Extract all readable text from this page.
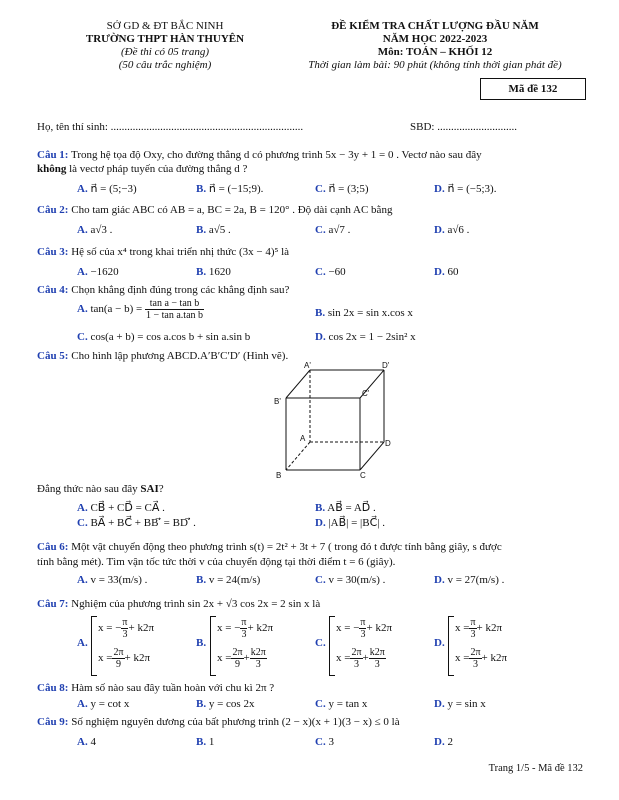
SỞ GD & ĐT BẮC NINH
TRƯỜNG THPT HÀN THUYÊN
(Đề thi có 05 trang)
(50 câu trắc nghiệm)
ĐỀ KIỂM TRA CHẤT LƯỢNG ĐẦU NĂM
NĂM HỌC 2022-2023
Môn: TOÁN – KHỐI 12
Thời gian làm bài: 90 phút (không tính thời gian phát đề)
Mã đề 132
Họ, tên thí sinh: ......................................................................	SBD: .............................
Câu 1: Trong hệ tọa độ Oxy, cho đường thẳng d có phương trình 5x − 3y + 1 = 0 . Vectơ nào sau đây
không là vectơ pháp tuyến của đường thẳng d ?
A. n⃗ = (5;−3)	B. n⃗ = (−15;9).	C. n⃗ = (3;5)	D. n⃗ = (−5;3).
Câu 2: Cho tam giác ABC có AB = a, BC = 2a, B = 120° . Độ dài cạnh AC bằng
A. a√3 .	B. a√5 .	C. a√7 .	D. a√6 .
Câu 3: Hệ số của x⁴ trong khai triển nhị thức (3x − 4)⁵ là
A. −1620	B. 1620	C. −60	D. 60
Câu 4: Chọn khẳng định đúng trong các khẳng định sau?
A. $\tan(a - b) = \frac{\text{tan a − tan b}}{\text{1 − tan a.tan b}}$	B. sin 2x = sin x.cos x
C. cos(a + b) = cos a.cos b + sin a.sin b	D. cos 2x = 1 − 2sin² x
Câu 5: Cho hình lập phương ABCD.A′B′C′D′ (Hình vẽ).
A'	D'
B'
C'
A
D
B	C
Đẳng thức nào sau đây SAI?
A. CB⃗ + CD⃗ = CA⃗ .	B. AB⃗ = AD⃗ .
C. BA⃗ + BC⃗ + BB′⃗ = BD′⃗ .	D. |AB⃗| = |BC⃗| .
Câu 6: Một vật chuyển động theo phương trình s(t) = 2t² + 3t + 7 ( trong đó t được tính bằng giây, s được
tính bằng mét). Tìm vận tốc tức thời v của chuyển động tại thời điểm t = 6 (giây).
A. v = 33(m/s) .	B. v = 24(m/s)	C. v = 30(m/s) .	D. v = 27(m/s) .
Câu 7: Nghiệm của phương trình sin 2x + √3 cos 2x = 2 sin x là
A.
x = − $\frac{\pi}{3} + k2\pi$
$x = \frac{2\pi}{9} + k2\pi$
B.
x = − $\frac{\pi}{3} + k2\pi$
$x = \frac{2\pi}{9} + \frac{k2\pi}{3}$
C.
x = − $\frac{\pi}{3} + k2\pi$
$x = \frac{2\pi}{3} + \frac{k2\pi}{3}$
D.
$x = \frac{\pi}{3} + k2\pi$
$x = \frac{2\pi}{3} + k2\pi$
Câu 8: Hàm số nào sau đây tuần hoàn với chu kì 2π ?
A. y = cot x	B. y = cos 2x	C. y = tan x	D. y = sin x
Câu 9: Số nghiệm nguyên dương của bất phương trình (2 − x)(x + 1)(3 − x) ≤ 0 là
A. 4	B. 1	C. 3	D. 2
Trang 1/5 - Mã đề 132
